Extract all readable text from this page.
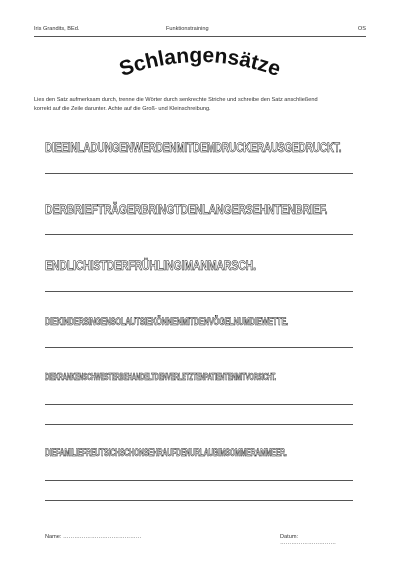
Iris Grandits, BEd.	Funktionstraining	OS
Schlangensätze
Lies den Satz aufmerksam durch, trenne die Wörter durch senkrechte Striche und schreibe den Satz anschließend korrekt auf die Zeile darunter. Achte auf die Groß- und Kleinschreibung.
DIEEINLADUNGENWERDENMITDEMDRUCKERAUSGEDRUCKT.
DERBRIEFTRÄGERBRINGTDENLANGERSEHNTENBRIEF.
ENDLICHISTDERFRÜHLINGIMANMARSCH.
DIEKINDERSINGENSOLAUTSIEKÖNNENMITDENVÖGELNUMDIEWETTE.
DIEKRANKENSCHWESTERBEHANDELTDENVERLETZTENPATIENTENMITVORSICHT.
DIEFAMILIEFREUTSICHSCHONSEHRAUFDENURLAUBIMSOMMERAMMEER.
Name: ……………………………………	Datum: …………………………
